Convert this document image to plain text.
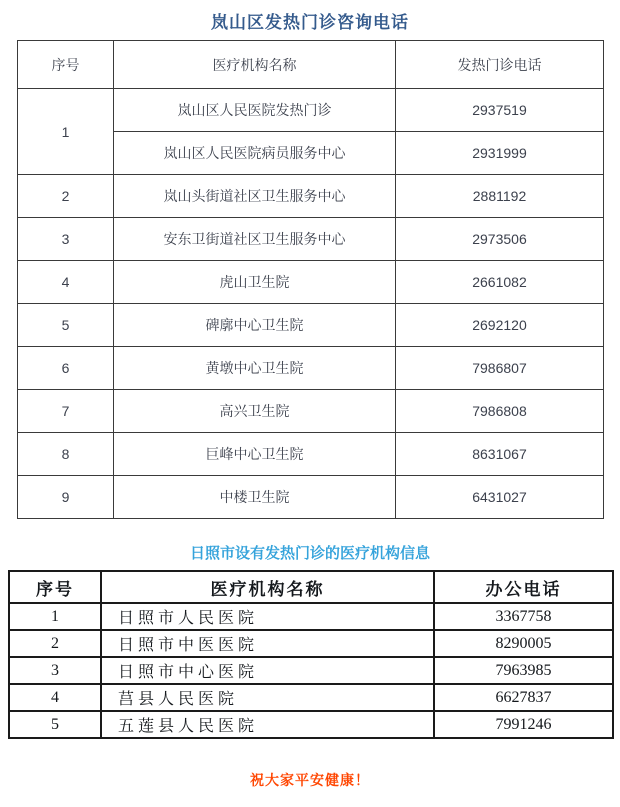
岚山区发热门诊咨询电话
序号	医疗机构名称	发热门诊电话
1	岚山区人民医院发热门诊	2937519
	岚山区人民医院病员服务中心	2931999
2	岚山头街道社区卫生服务中心	2881192
3	安东卫街道社区卫生服务中心	2973506
4	虎山卫生院	2661082
5	碑廓中心卫生院	2692120
6	黄墩中心卫生院	7986807
7	高兴卫生院	7986808
8	巨峰中心卫生院	8631067
9	中楼卫生院	6431027
日照市设有发热门诊的医疗机构信息
序号	医疗机构名称	办公电话
1	日照市人民医院	3367758
2	日照市中医医院	8290005
3	日照市中心医院	7963985
4	莒县人民医院	6627837
5	五莲县人民医院	7991246
祝大家平安健康！
